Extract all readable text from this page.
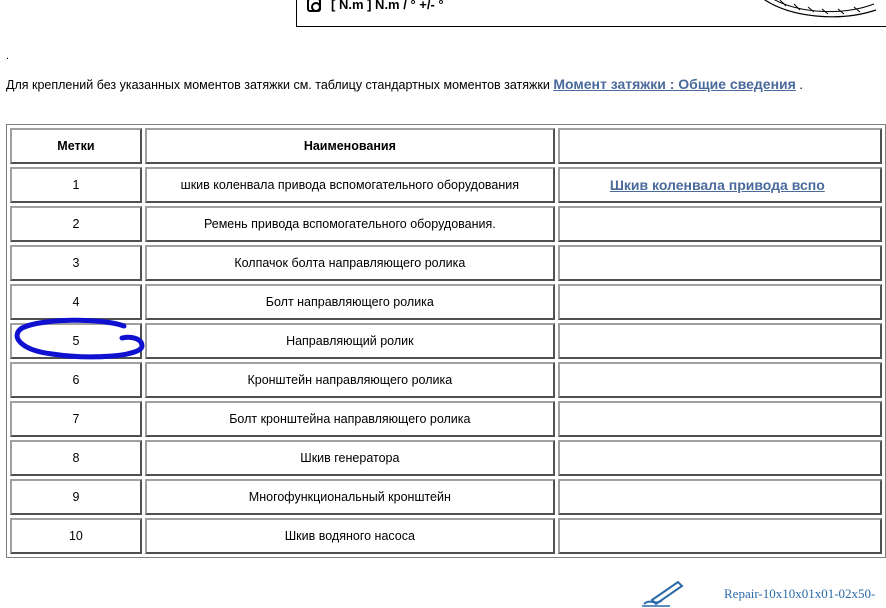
[ N.m ] N.m / ° +/- °
.
Для креплений без указанных моментов затяжки см. таблицу стандартных моментов затяжки Момент затяжки : Общие сведения .
Метки	Наименования	
1	шкив коленвала привода вспомогательного оборудования	Шкив коленвала привода вспо
2	Ремень привода вспомогательного оборудования.	
3	Колпачок болта направляющего ролика	
4	Болт направляющего ролика	
5	Направляющий ролик	
6	Кронштейн направляющего ролика	
7	Болт кронштейна направляющего ролика	
8	Шкив генератора	
9	Многофункциональный кронштейн	
10	Шкив водяного насоса	
Repair-10x10x01x01-02x50-
